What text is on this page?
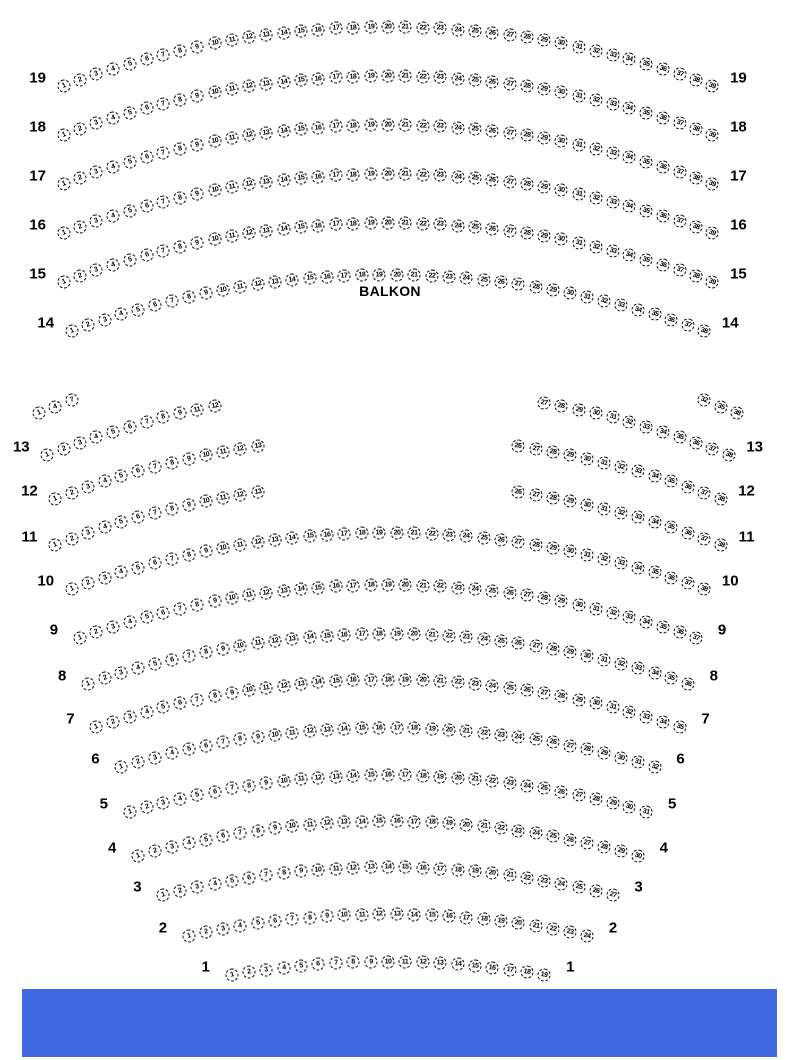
BALKON
1
2
3
4
5
6
7
8	9	10	11	12	13	14	15	16	17	18	19	20	21	22	23	24	25	26	27	28	29	30	31	32	33
34
35
36
37
38
39
19	19
1
2
3
4
5
6
7
8	9	10	11	12	13	14	15	16	17	18	19	20	21	22	23	24	25	26	27	28	29	30	31	32	33
34
35
36
37
38
39
18	18
1
2
3
4
5
6
7
8	9	10	11	12	13	14	15	16	17	18	19	20	21	22	23	24	25	26	27	28	29	30	31	32	33
34
35
36
37
38
39
17	17
1
2
3
4
5
6
7
8	9	10	11	12	13	14	15	16	17	18	19	20	21	22	23	24	25	26	27	28	29	30	31	32	33
34
35
36
37
38
39
16	16
1
2
3
4
5
6
7
8	9	10	11	12	13	14	15	16	17	18	19	20	21	22	23	24	25	26	27	28	29	30	31	32	33
34
35
36
37
38
39
15	15
1
2
3
4
5
6
7
8	9	10	11	12	13	14	15	16	17	18	19	20	21	22	23	24	25	26	27	28	29	30	31	32
33
34
35
36
37
38
14	14
1
4
7	32
35
38
1
2
3
4
5
6
7
8
9	11	12	27	28	29	30	31
32
33
34
35
36
37
38
13	13
1
2
3
4
5
6
7
8
9	10	11	12	13	26	27	28	29	30	31
32
33
34
35
36
37
38
12	12
1
2
3
4
5
6
7
8
9	10	11	12	13	26	27	28	29	30	31
32
33
34
35
36
37
38
11	11
1
2
3
4
5
6
7
8	9	10	11	12	13	14	15	16	17	18	19	20	21	22	23	24	25	26	27	28	29	30	31	32
33
34
35
36
37
38
10	10
1
2
3
4
5
6
7	8	9	10	11	12	13	14	15	16	17	18	19	20	21	22	23	24	25	26	27	28	29	30	31	32
33
34
35
36
37
9	9
1
2
3
4
5
6
7	8	9	10	11	12	13	14	15	16	17	18	19	20	21	22	23	24	25	26	27	28	29	30	31
32
33
34
35
36
8	8
1
2
3
4
5
6	7	8	9	10	11	12	13	14	15	16	17	18	19	20	21	22	23	24	25	26	27	28	29	30	31
32
33
34
35
7	7
1
2
3
4
5	6	7	8	9	10	11	12	13	14	15	16	17	18	19	20	21	22	23	24	25	26	27	28	29
30
31
32
6	6
1
2
3
4	5	6	7	8	9	10	11	12	13	14	15	16	17	18	19	20	21	22	23	24	25	26	27	28	29
30
31
5	5
1
2
3
4	5	6	7	8	9	10	11	12	13	14	15	16	17	18	19	20	21	22	23	24	25	26	27	28
29
30
4	4
1
2	3	4	5	6	7	8	9	10	11	12	13	14	15	16	17	18	19	20	21	22	23	24	25	26	27
3	3
1	2	3	4	5	6	7	8	9	10	11	12	13	14	15	16	17	18	19	20	21	22	23	24
2	2
1	2	3	4	5	6	7	8	9	10	11	12	13	14	15	16	17	18	19
1	1
